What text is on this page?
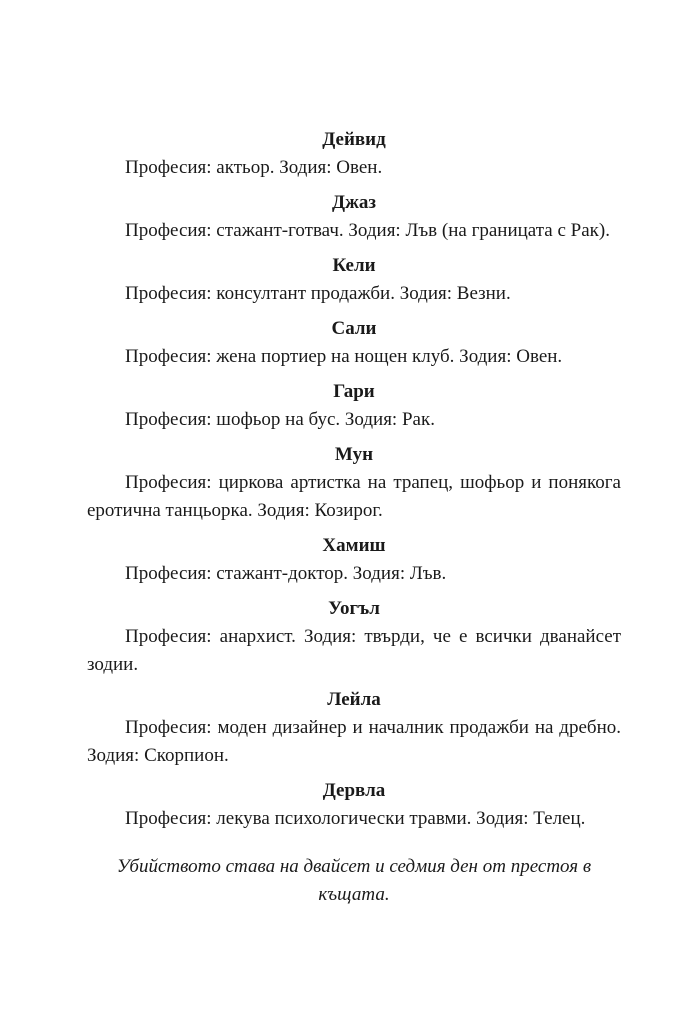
Дейвид

Професия: актьор. Зодия: Овен.

Джаз

Професия: стажант-готвач. Зодия: Лъв (на границата с Рак).

Кели

Професия: консултант продажби. Зодия: Везни.

Сали

Професия: жена портиер на нощен клуб. Зодия: Овен.

Гари

Професия: шофьор на бус. Зодия: Рак.

Мун

Професия: циркова артистка на трапец, шофьор и понякога еротична танцьорка. Зодия: Козирог.

Хамиш

Професия: стажант-доктор. Зодия: Лъв.

Уогъл

Професия: анархист. Зодия: твърди, че е всички дванайсет зодии.

Лейла

Професия: моден дизайнер и началник продажби на дребно. Зодия: Скорпион.

Дервла

Професия: лекува психологически травми. Зодия: Телец.

Убийството става на двайсет и седмия ден от престоя в къщата.
